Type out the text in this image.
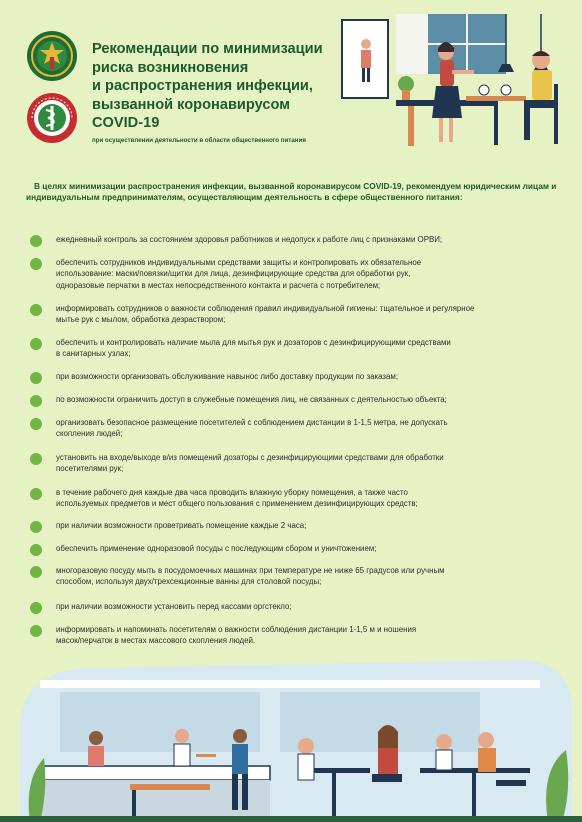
Рекомендации по минимизации
риска возникновения
и распространения инфекции,
вызванной коронавирусом
COVID-19
при осуществлении деятельности в области общественного питания
В целях минимизации распространения инфекции, вызванной коронавирусом COVID-19, рекомендуем юридическим лицам и индивидуальным предпринимателям, осуществляющим деятельность в сфере общественного питания:
ежедневный контроль за состоянием здоровья работников и недопуск к работе лиц с признаками ОРВИ;
обеспечить сотрудников индивидуальными средствами защиты и контролировать их обязательное
использование: маски/повязки/щитки для лица, дезинфицирующие средства для обработки рук,
одноразовые перчатки в местах непосредственного контакта и расчета с потребителем;
информировать сотрудников о важности соблюдения правил индивидуальной гигиены: тщательное и регулярное
мытье рук с мылом, обработка дезраствором;
обеспечить и контролировать наличие мыла для мытья рук и дозаторов с дезинфицирующими средствами
в санитарных узлах;
при возможности организовать обслуживание навынос либо доставку продукции по заказам;
по возможности ограничить доступ в служебные помещения лиц, не связанных с деятельностью объекта;
организовать безопасное размещение посетителей с соблюдением дистанции в 1-1,5 метра, не допускать
скопления людей;
установить на входе/выходе в/из помещений дозаторы с дезинфицирующими средствами для обработки
посетителями рук;
в течение рабочего дня каждые два часа проводить влажную уборку помещения, а также часто
используемых предметов и мест общего пользования с применением дезинфицирующих средств;
при наличии возможности проветривать помещение каждые 2 часа;
обеспечить применение одноразовой посуды с последующим сбором и уничтожением;
многоразовую посуду мыть в посудомоечных машинах при температуре не ниже 65 градусов или ручным
способом, используя двух/трехсекционные ванны для столовой посуды;
при наличии возможности установить перед кассами оргстекло;
информировать и напоминать посетителям о важности соблюдения дистанции 1-1,5 м и ношения
масок/перчаток в местах массового скопления людей.
